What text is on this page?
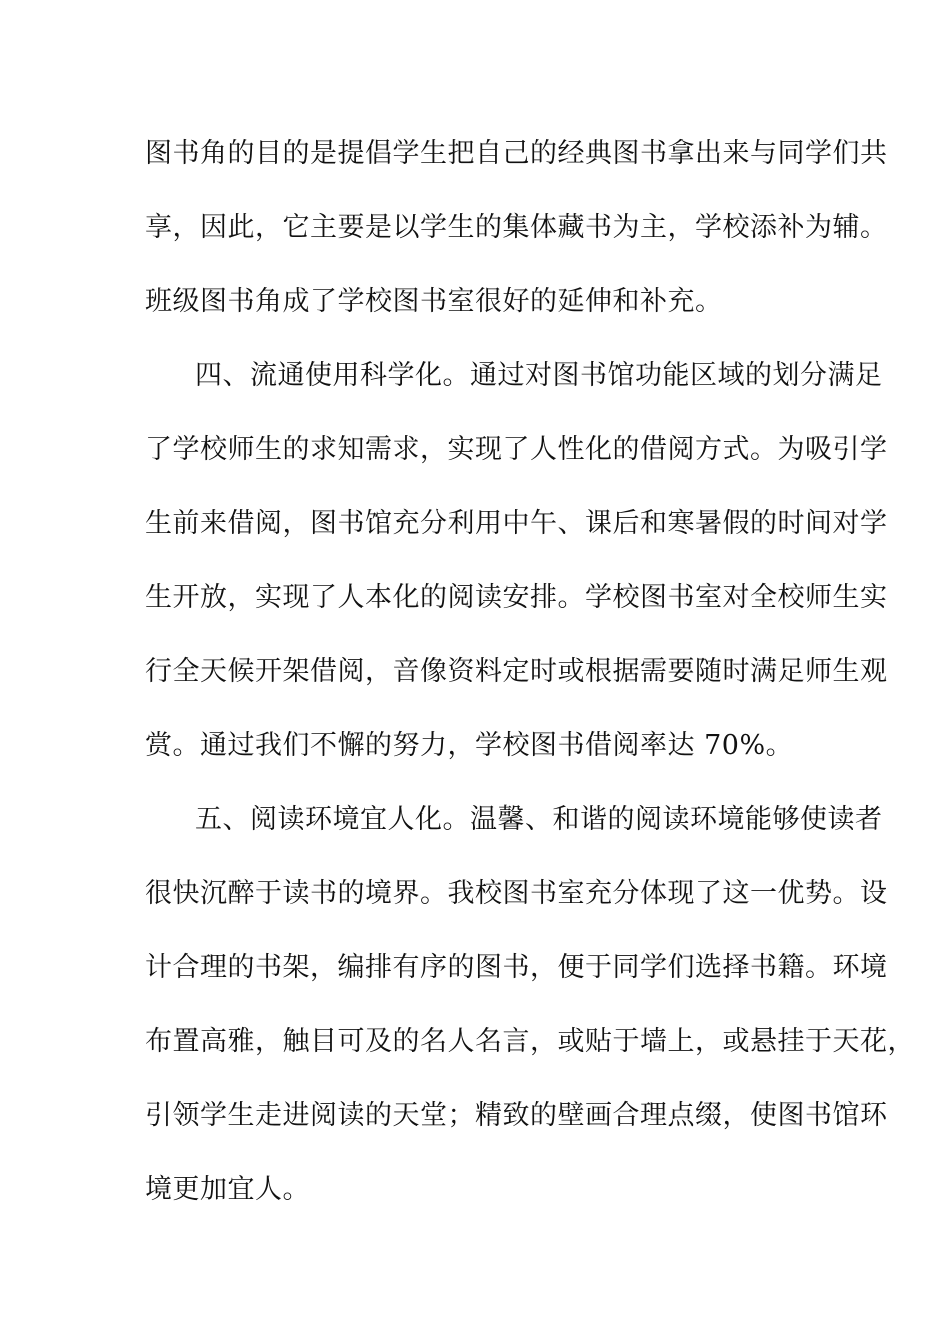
图书角的目的是提倡学生把自己的经典图书拿出来与同学们共
享，因此，它主要是以学生的集体藏书为主，学校添补为辅。
班级图书角成了学校图书室很好的延伸和补充。
四、流通使用科学化。通过对图书馆功能区域的划分满足
了学校师生的求知需求，实现了人性化的借阅方式。为吸引学
生前来借阅，图书馆充分利用中午、课后和寒暑假的时间对学
生开放，实现了人本化的阅读安排。学校图书室对全校师生实
行全天候开架借阅，音像资料定时或根据需要随时满足师生观
赏。通过我们不懈的努力，学校图书借阅率达 70%。
五、阅读环境宜人化。温馨、和谐的阅读环境能够使读者
很快沉醉于读书的境界。我校图书室充分体现了这一优势。设
计合理的书架，编排有序的图书，便于同学们选择书籍。环境
布置高雅，触目可及的名人名言，或贴于墙上，或悬挂于天花，
引领学生走进阅读的天堂；精致的壁画合理点缀，使图书馆环
境更加宜人。
